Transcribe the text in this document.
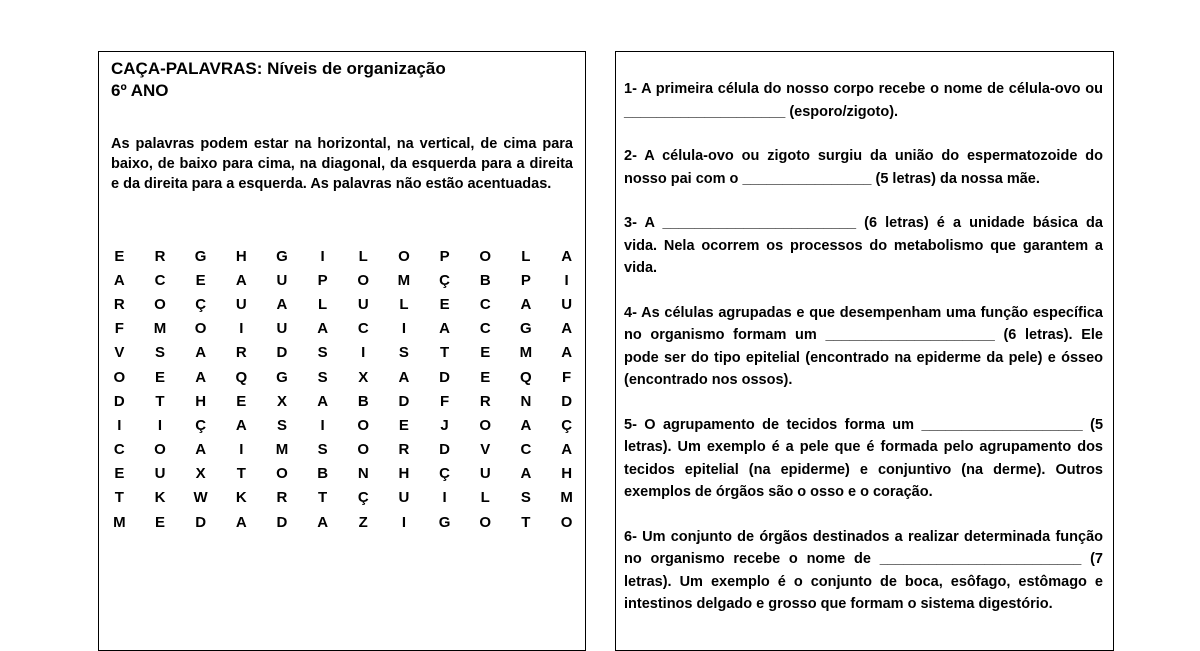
CAÇA-PALAVRAS: Níveis de organização
6º ANO

As palavras podem estar na horizontal, na vertical, de cima para baixo, de baixo para cima, na diagonal, da esquerda para a direita e da direita para a esquerda. As palavras não estão acentuadas.

E	R	G	H	G	I	L	O	P	O	L	A
A	C	E	A	U	P	O	M	Ç	B	P	I
R	O	Ç	U	A	L	U	L	E	C	A	U
F	M	O	I	U	A	C	I	A	C	G	A
V	S	A	R	D	S	I	S	T	E	M	A
O	E	A	Q	G	S	X	A	D	E	Q	F
D	T	H	E	X	A	B	D	F	R	N	D
I	I	Ç	A	S	I	O	E	J	O	A	Ç
C	O	A	I	M	S	O	R	D	V	C	A
E	U	X	T	O	B	N	H	Ç	U	A	H
T	K	W	K	R	T	Ç	U	I	L	S	M
M	E	D	A	D	A	Z	I	G	O	T	O

1- A primeira célula do nosso corpo recebe o nome de célula-ovo ou ____________________ (esporo/zigoto).

2- A célula-ovo ou zigoto surgiu da união do espermatozoide do nosso pai com o ________________ (5 letras) da nossa mãe.

3- A ________________________ (6 letras) é a unidade básica da vida. Nela ocorrem os processos do metabolismo que garantem a vida.

4- As células agrupadas e que desempenham uma função específica no organismo formam um _____________________ (6 letras). Ele pode ser do tipo epitelial (encontrado na epiderme da pele) e ósseo (encontrado nos ossos).

5- O agrupamento de tecidos forma um ____________________ (5 letras). Um exemplo é a pele que é formada pelo agrupamento dos tecidos epitelial (na epiderme) e conjuntivo (na derme). Outros exemplos de órgãos são o osso e o coração.

6- Um conjunto de órgãos destinados a realizar determinada função no organismo recebe o nome de _________________________ (7 letras). Um exemplo é o conjunto de boca, esôfago, estômago e intestinos delgado e grosso que formam o sistema digestório.
